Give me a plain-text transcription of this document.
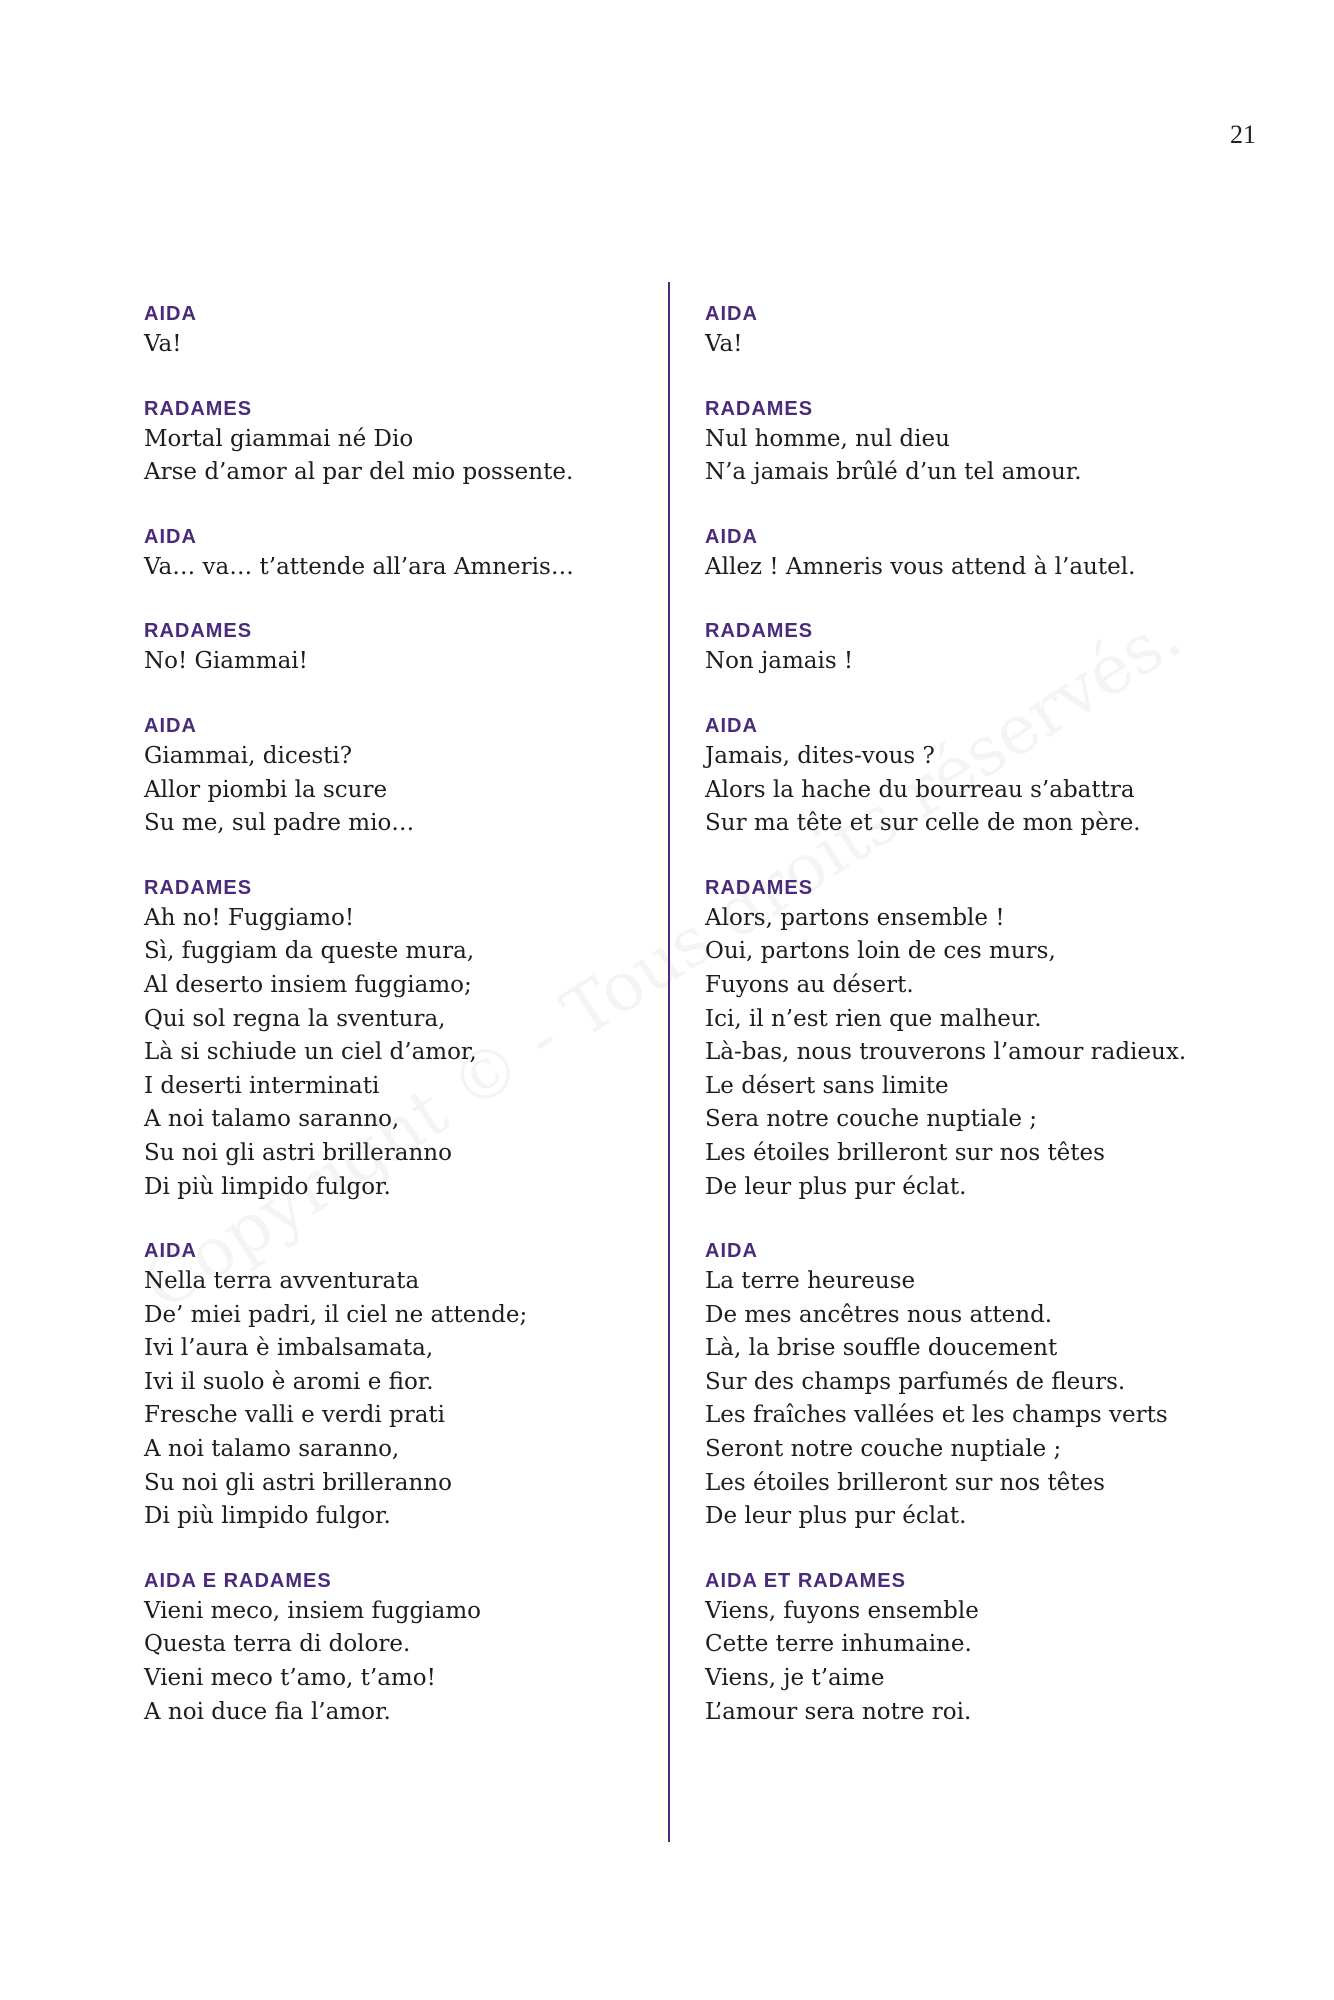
21
AIDA
Va!
RADAMES
Mortal giammai né Dio
Arse d’amor al par del mio possente.
AIDA
Va… va… t’attende all’ara Amneris…
RADAMES
No! Giammai!
AIDA
Giammai, dicesti?
Allor piombi la scure
Su me, sul padre mio…
RADAMES
Ah no! Fuggiamo!
Sì, fuggiam da queste mura,
Al deserto insiem fuggiamo;
Qui sol regna la sventura,
Là si schiude un ciel d’amor,
I deserti interminati
A noi talamo saranno,
Su noi gli astri brilleranno
Di più limpido fulgor.
AIDA
Nella terra avventurata
De’ miei padri, il ciel ne attende;
Ivi l’aura è imbalsamata,
Ivi il suolo è aromi e fior.
Fresche valli e verdi prati
A noi talamo saranno,
Su noi gli astri brilleranno
Di più limpido fulgor.
AIDA E RADAMES
Vieni meco, insiem fuggiamo
Questa terra di dolore.
Vieni meco t’amo, t’amo!
A noi duce fia l’amor.
AIDA
Va!
RADAMES
Nul homme, nul dieu
N’a jamais brûlé d’un tel amour.
AIDA
Allez ! Amneris vous attend à l’autel.
RADAMES
Non jamais !
AIDA
Jamais, dites-vous ?
Alors la hache du bourreau s’abattra
Sur ma tête et sur celle de mon père.
RADAMES
Alors, partons ensemble !
Oui, partons loin de ces murs,
Fuyons au désert.
Ici, il n’est rien que malheur.
Là-bas, nous trouverons l’amour radieux.
Le désert sans limite
Sera notre couche nuptiale ;
Les étoiles brilleront sur nos têtes
De leur plus pur éclat.
AIDA
La terre heureuse
De mes ancêtres nous attend.
Là, la brise souffle doucement
Sur des champs parfumés de fleurs.
Les fraîches vallées et les champs verts
Seront notre couche nuptiale ;
Les étoiles brilleront sur nos têtes
De leur plus pur éclat.
AIDA ET RADAMES
Viens, fuyons ensemble
Cette terre inhumaine.
Viens, je t’aime
L’amour sera notre roi.
